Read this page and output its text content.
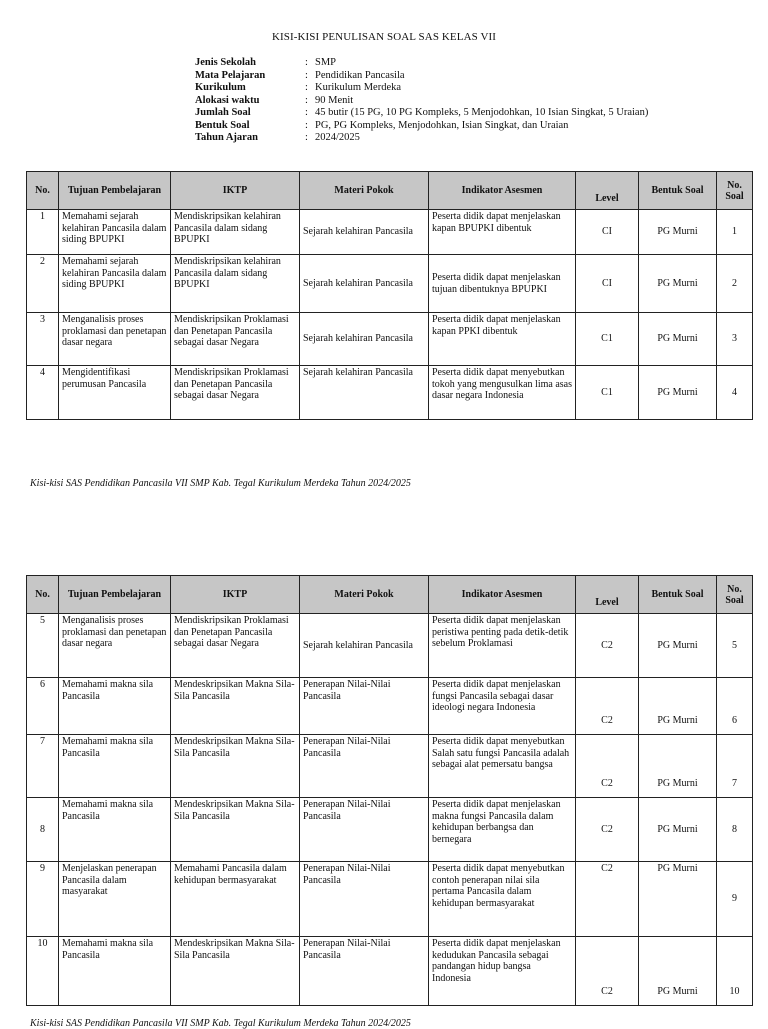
KISI-KISI PENULISAN SOAL SAS KELAS VII
Jenis Sekolah	: SMP
Mata Pelajaran	: Pendidikan Pancasila
Kurikulum	: Kurikulum Merdeka
Alokasi waktu	: 90 Menit
Jumlah Soal	: 45 butir (15 PG, 10 PG Kompleks, 5 Menjodohkan, 10 Isian Singkat, 5 Uraian)
Bentuk Soal	: PG, PG Kompleks, Menjodohkan, Isian Singkat, dan Uraian
Tahun Ajaran	: 2024/2025
No.	Tujuan Pembelajaran	IKTP	Materi Pokok	Indikator Asesmen	Level	Bentuk Soal	No. Soal
1	Memahami sejarah kelahiran Pancasila dalam siding BPUPKI	Mendiskripsikan kelahiran Pancasila dalam sidang BPUPKI	Sejarah kelahiran Pancasila	Peserta didik dapat menjelaskan kapan BPUPKI dibentuk	CI	PG Murni	1
2	Memahami sejarah kelahiran Pancasila dalam siding BPUPKI	Mendiskripsikan kelahiran Pancasila dalam sidang BPUPKI	Sejarah kelahiran Pancasila	Peserta didik dapat menjelaskan tujuan dibentuknya BPUPKI	CI	PG Murni	2
3	Menganalisis proses proklamasi dan penetapan dasar negara	Mendiskripsikan Proklamasi dan Penetapan Pancasila sebagai dasar Negara	Sejarah kelahiran Pancasila	Peserta didik dapat menjelaskan kapan PPKI dibentuk	C1	PG Murni	3
4	Mengidentifikasi perumusan Pancasila	Mendiskripsikan Proklamasi dan Penetapan Pancasila sebagai dasar Negara	Sejarah kelahiran Pancasila	Peserta didik dapat menyebutkan tokoh yang mengusulkan lima asas dasar negara Indonesia	C1	PG Murni	4
Kisi-kisi SAS Pendidikan Pancasila VII SMP Kab. Tegal Kurikulum Merdeka Tahun 2024/2025
No.	Tujuan Pembelajaran	IKTP	Materi Pokok	Indikator Asesmen	Level	Bentuk Soal	No. Soal
5	Menganalisis proses proklamasi dan penetapan dasar negara	Mendiskripsikan Proklamasi dan Penetapan Pancasila sebagai dasar Negara	Sejarah kelahiran Pancasila	Peserta didik dapat menjelaskan peristiwa penting pada detik-detik sebelum Proklamasi	C2	PG Murni	5
6	Memahami makna sila Pancasila	Mendeskripsikan Makna Sila-Sila Pancasila	Penerapan Nilai-Nilai Pancasila	Peserta didik dapat menjelaskan fungsi Pancasila sebagai dasar ideologi negara Indonesia	C2	PG Murni	6
7	Memahami makna sila Pancasila	Mendeskripsikan Makna Sila-Sila Pancasila	Penerapan Nilai-Nilai Pancasila	Peserta didik dapat menyebutkan Salah satu fungsi Pancasila adalah sebagai alat pemersatu bangsa	C2	PG Murni	7
8	Memahami makna sila Pancasila	Mendeskripsikan Makna Sila-Sila Pancasila	Penerapan Nilai-Nilai Pancasila	Peserta didik dapat menjelaskan makna fungsi Pancasila dalam kehidupan berbangsa dan bernegara	C2	PG Murni	8
9	Menjelaskan penerapan Pancasila dalam masyarakat	Memahami Pancasila dalam kehidupan bermasyarakat	Penerapan Nilai-Nilai Pancasila	Peserta didik dapat menyebutkan contoh penerapan nilai sila pertama Pancasila dalam kehidupan bermasyarakat	C2	PG Murni	9
10	Memahami makna sila Pancasila	Mendeskripsikan Makna Sila-Sila Pancasila	Penerapan Nilai-Nilai Pancasila	Peserta didik dapat menjelaskan kedudukan Pancasila sebagai pandangan hidup bangsa Indonesia	C2	PG Murni	10
Kisi-kisi SAS Pendidikan Pancasila VII SMP Kab. Tegal Kurikulum Merdeka Tahun 2024/2025
